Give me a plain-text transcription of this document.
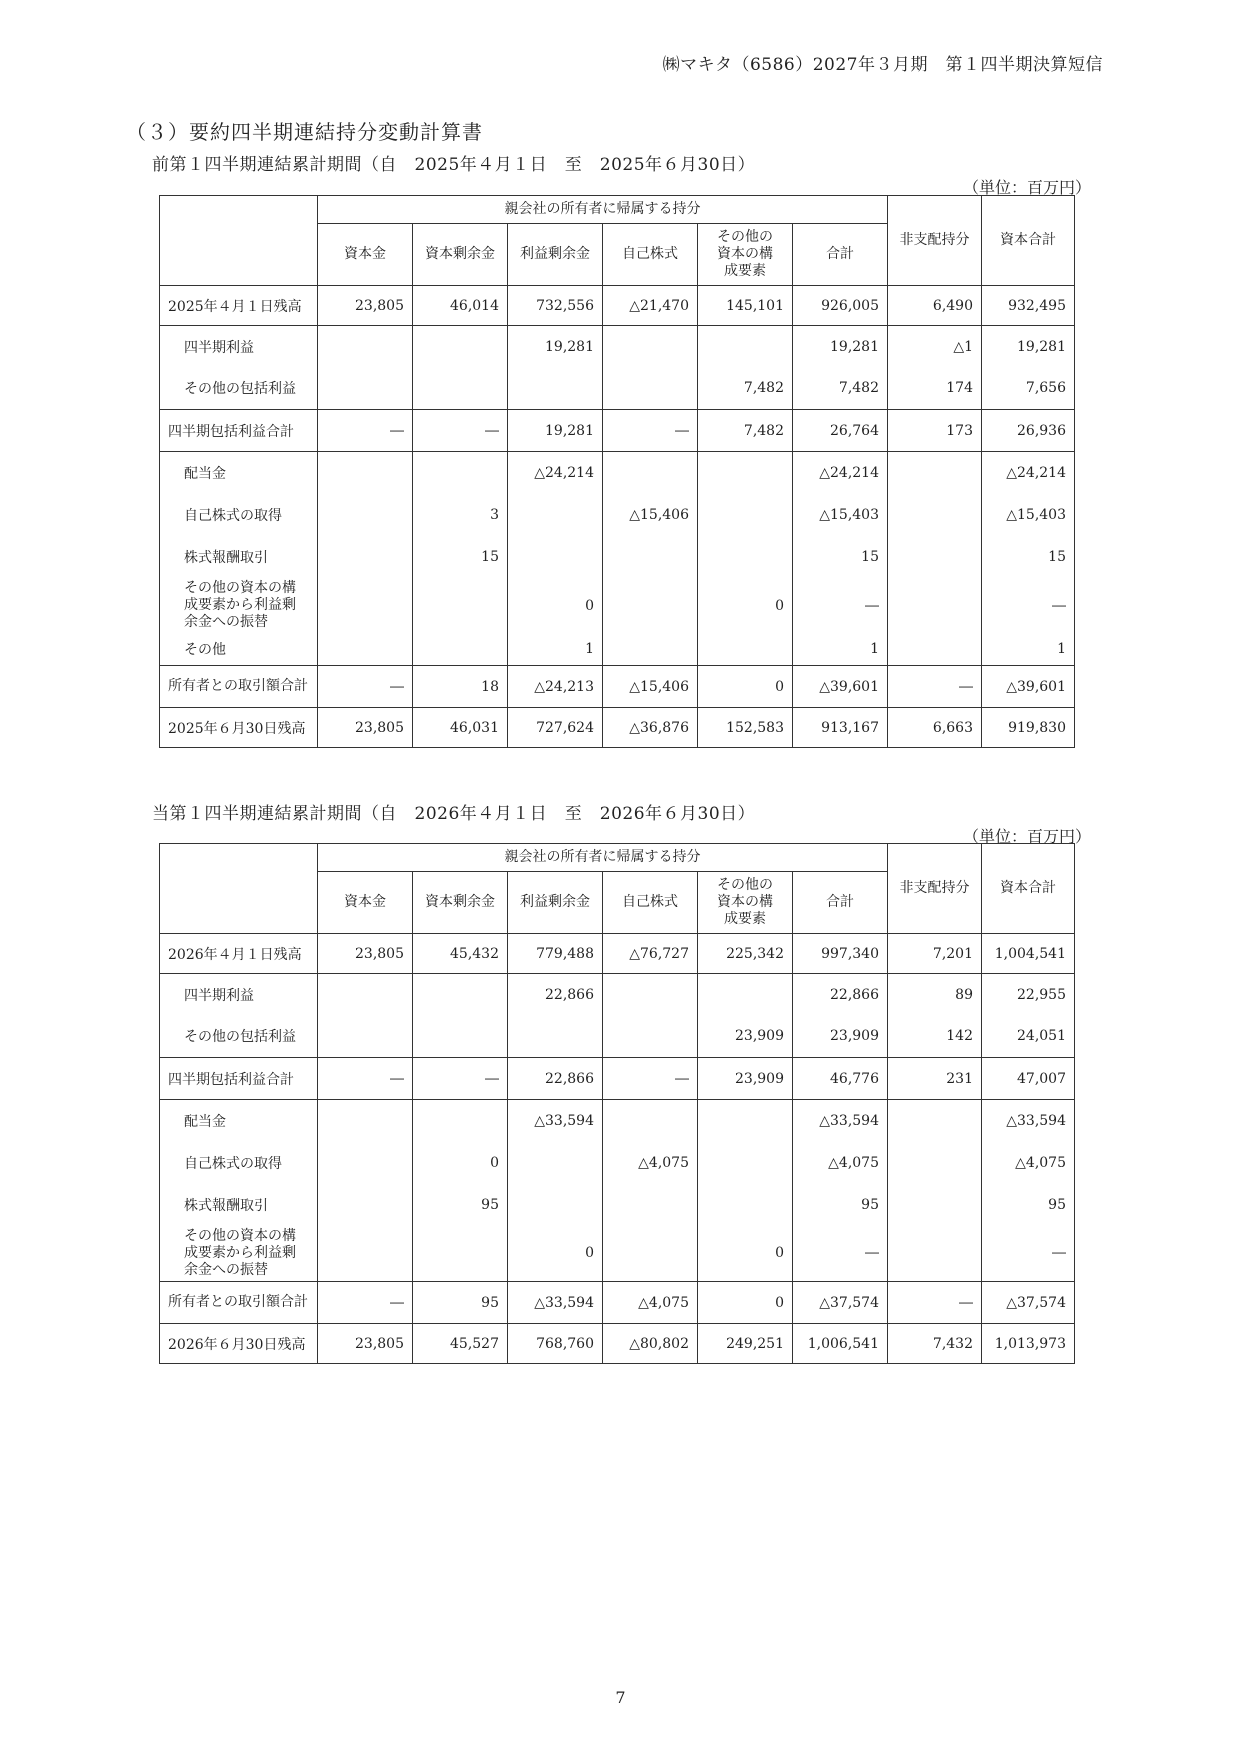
㈱マキタ（6586）2027年３月期　第１四半期決算短信
（３）要約四半期連結持分変動計算書
前第１四半期連結累計期間（自　2025年４月１日　至　2025年６月30日）
（単位：百万円）
	親会社の所有者に帰属する持分						非支配持分	資本合計
	資本金	資本剰余金	利益剰余金	自己株式	その他の資本の構成要素	合計		
2025年４月１日残高	23,805	46,014	732,556	△21,470	145,101	926,005	6,490	932,495
四半期利益			19,281			19,281	△1	19,281
その他の包括利益					7,482	7,482	174	7,656
四半期包括利益合計	―	―	19,281	―	7,482	26,764	173	26,936
配当金			△24,214			△24,214		△24,214
自己株式の取得		3		△15,406		△15,403		△15,403
株式報酬取引		15				15		15
その他の資本の構成要素から利益剰余金への振替			0		0	―		―
その他			1			1		1
所有者との取引額合計	―	18	△24,213	△15,406	0	△39,601	―	△39,601
2025年６月30日残高	23,805	46,031	727,624	△36,876	152,583	913,167	6,663	919,830
当第１四半期連結累計期間（自　2026年４月１日　至　2026年６月30日）
（単位：百万円）
	親会社の所有者に帰属する持分						非支配持分	資本合計
	資本金	資本剰余金	利益剰余金	自己株式	その他の資本の構成要素	合計		
2026年４月１日残高	23,805	45,432	779,488	△76,727	225,342	997,340	7,201	1,004,541
四半期利益			22,866			22,866	89	22,955
その他の包括利益					23,909	23,909	142	24,051
四半期包括利益合計	―	―	22,866	―	23,909	46,776	231	47,007
配当金			△33,594			△33,594		△33,594
自己株式の取得		0		△4,075		△4,075		△4,075
株式報酬取引		95				95		95
その他の資本の構成要素から利益剰余金への振替			0		0	―		―
所有者との取引額合計	―	95	△33,594	△4,075	0	△37,574	―	△37,574
2026年６月30日残高	23,805	45,527	768,760	△80,802	249,251	1,006,541	7,432	1,013,973
7
